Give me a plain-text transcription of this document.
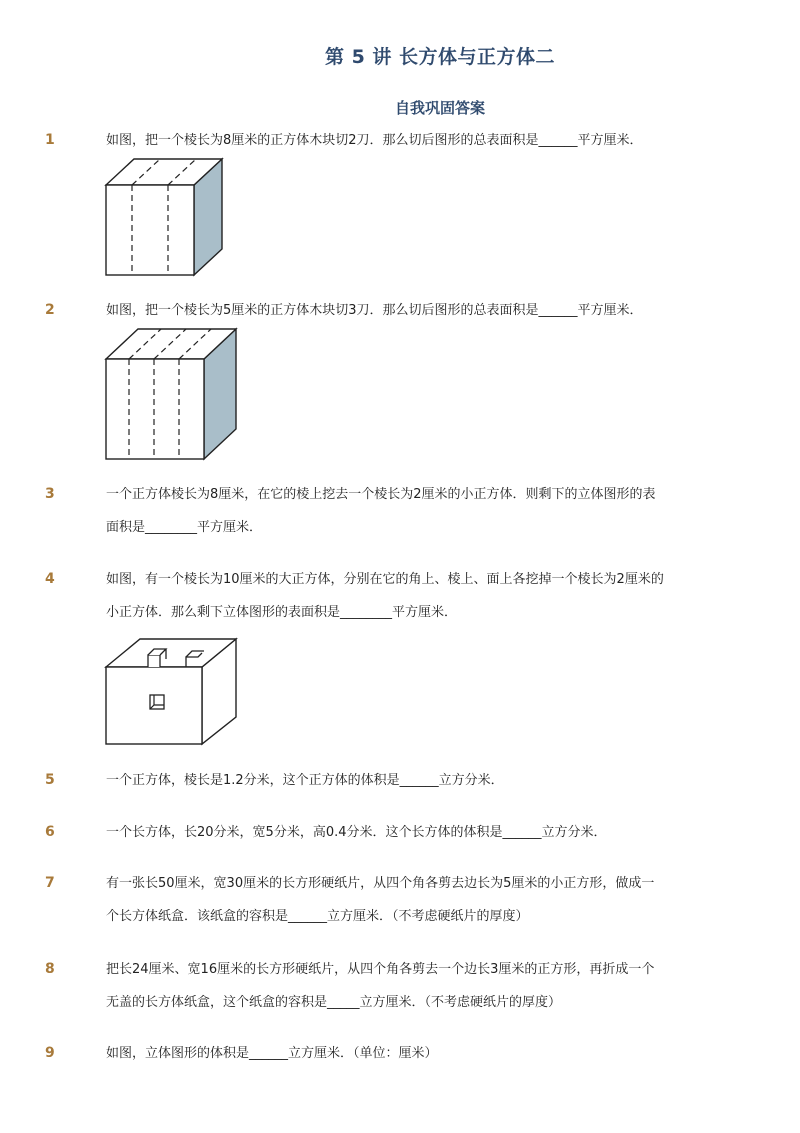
第 5 讲 长方体与正方体二
自我巩固答案
1	如图，把一个棱长为8厘米的正方体木块切2刀．那么切后图形的总表面积是______平方厘米．
2	如图，把一个棱长为5厘米的正方体木块切3刀．那么切后图形的总表面积是______平方厘米．
3	一个正方体棱长为8厘米，在它的棱上挖去一个棱长为2厘米的小正方体．则剩下的立体图形的表
面积是________平方厘米．
4	如图，有一个棱长为10厘米的大正方体，分别在它的角上、棱上、面上各挖掉一个棱长为2厘米的
小正方体．那么剩下立体图形的表面积是________平方厘米．
5	一个正方体，棱长是1.2分米，这个正方体的体积是______立方分米．
6	一个长方体，长20分米，宽5分米，高0.4分米．这个长方体的体积是______立方分米．
7	有一张长50厘米，宽30厘米的长方形硬纸片，从四个角各剪去边长为5厘米的小正方形，做成一
个长方体纸盒．该纸盒的容积是______立方厘米．（不考虑硬纸片的厚度）
8	把长24厘米、宽16厘米的长方形硬纸片，从四个角各剪去一个边长3厘米的正方形，再折成一个
无盖的长方体纸盒，这个纸盒的容积是_____立方厘米．（不考虑硬纸片的厚度）
9	如图，立体图形的体积是______立方厘米．（单位：厘米）
